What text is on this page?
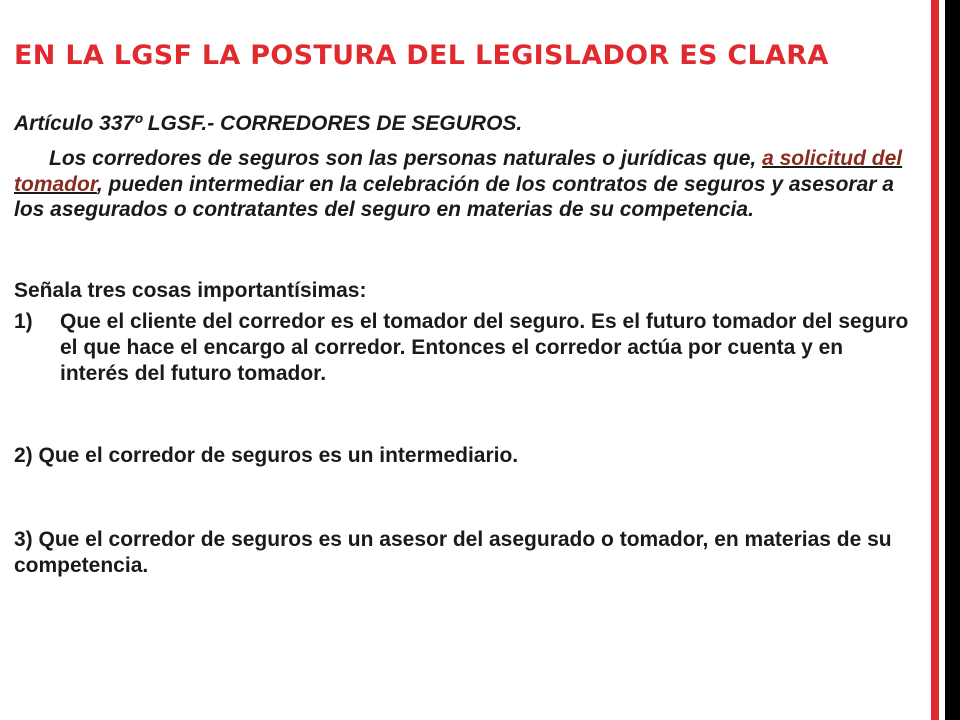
EN LA LGSF LA POSTURA DEL LEGISLADOR ES CLARA

Artículo 337º LGSF.- CORREDORES DE SEGUROS.

Los corredores de seguros son las personas naturales o jurídicas que, a solicitud del tomador, pueden intermediar en la celebración de los contratos de seguros y asesorar a los asegurados o contratantes del seguro en materias de su competencia.

Señala tres cosas importantísimas:

1)	Que el cliente del corredor es el tomador del seguro. Es el futuro tomador del seguro el que hace el encargo al corredor. Entonces el corredor actúa por cuenta y en interés del futuro tomador.

2) Que el corredor de seguros es un intermediario.

3) Que el corredor de seguros es un asesor del asegurado o tomador, en materias de su competencia.
